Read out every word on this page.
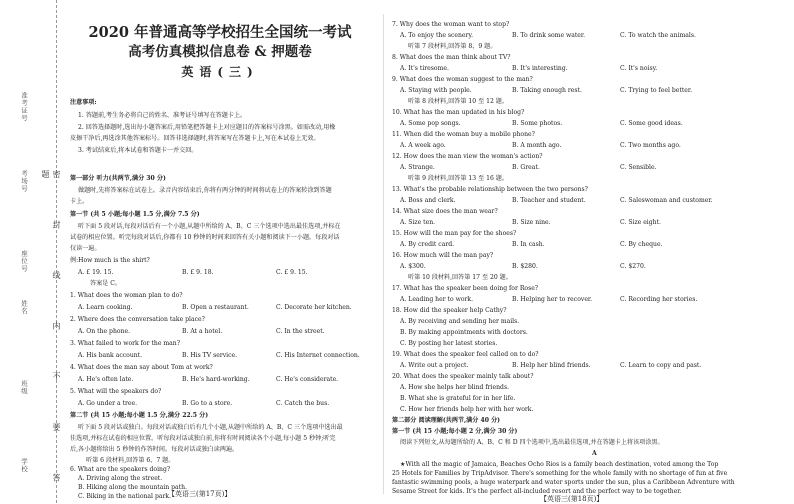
准考证号
考场号
座位号
姓名
班级
学校	密 封 线 内 不 要 答 题
2020 年普通高等学校招生全国统一考试
高考仿真模拟信息卷 & 押题卷
英语(三)
注意事项:
1. 答题前,考生务必将自己的姓名、准考证号填写在答题卡上。
2. 回答选择题时,选出每小题答案后,用铅笔把答题卡上对应题目的答案标号涂黑。如需改动,用橡
皮擦干净后,再选涂其他答案标号。回答非选择题时,将答案写在答题卡上,写在本试卷上无效。
3. 考试结束后,将本试卷和答题卡一并交回。
第一部分 听力(共两节,满分 30 分)
做题时,先将答案标在试卷上。录音内容结束后,你将有两分钟的时间将试卷上的答案转涂到答题
卡上。
第一节 (共 5 小题;每小题 1.5 分,满分 7.5 分)
听下面 5 段对话,每段对话后有一个小题,从题中所给的 A、B、C 三个选项中选出最佳选项,并标在
试卷的相应位置。听完每段对话后,你都有 10 秒钟的时间来回答有关小题和阅读下一小题。每段对话
仅读一遍。
例:How much is the shirt?
A. £ 19. 15.	B. £ 9. 18.	C. £ 9. 15.
答案是 C。
1. What does the woman plan to do?
A. Learn cooking.	B. Open a restaurant.	C. Decorate her kitchen.
2. Where does the conversation take place?
A. On the phone.	B. At a hotel.	C. In the street.
3. What failed to work for the man?
A. His bank account.	B. His TV service.	C. His Internet connection.
4. What does the man say about Tom at work?
A. He's often late.	B. He's hard-working.	C. He's considerate.
5. What will the speakers do?
A. Go under a tree.	B. Go to a store.	C. Catch the bus.
第二节 (共 15 小题;每小题 1.5 分,满分 22.5 分)
听下面 5 段对话或独白。每段对话或独白后有几个小题,从题中所给的 A、B、C 三个选项中选出最
佳选项,并标在试卷的相应位置。听每段对话或独白前,你将有时间阅读各个小题,每小题 5 秒钟;听完
后,各小题将给出 5 秒钟的作答时间。每段对话或独白读两遍。
听第 6 段材料,回答第 6、7 题。
6. What are the speakers doing?
A. Driving along the street.
B. Hiking along the mountain path.
C. Biking in the national park.
【英语三(第17页)】
7. Why does the woman want to stop?
A. To enjoy the scenery.	B. To drink some water.	C. To watch the animals.
听第 7 段材料,回答第 8、9 题。
8. What does the man think about TV?
A. It's tiresome.	B. It's interesting.	C. It's noisy.
9. What does the woman suggest to the man?
A. Staying with people.	B. Taking enough rest.	C. Trying to feel better.
听第 8 段材料,回答第 10 至 12 题。
10. What has the man updated in his blog?
A. Some pop songs.	B. Some photos.	C. Some good ideas.
11. When did the woman buy a mobile phone?
A. A week ago.	B. A month ago.	C. Two months ago.
12. How does the man view the woman's action?
A. Strange.	B. Great.	C. Sensible.
听第 9 段材料,回答第 13 至 16 题。
13. What's the probable relationship between the two persons?
A. Boss and clerk.	B. Teacher and student.	C. Saleswoman and customer.
14. What size does the man wear?
A. Size ten.	B. Size nine.	C. Size eight.
15. How will the man pay for the shoes?
A. By credit card.	B. In cash.	C. By cheque.
16. How much will the man pay?
A. $300.	B. $280.	C. $270.
听第 10 段材料,回答第 17 至 20 题。
17. What has the speaker been doing for Rose?
A. Leading her to work.	B. Helping her to recover.	C. Recording her stories.
18. How did the speaker help Cathy?
A. By receiving and sending her mails.
B. By making appointments with doctors.
C. By posting her latest stories.
19. What does the speaker feel called on to do?
A. Write out a project.	B. Help her blind friends.	C. Learn to copy and past.
20. What does the speaker mainly talk about?
A. How she helps her blind friends.
B. What she is grateful for in her life.
C. How her friends help her with her work.
第二部分 阅读理解(共两节,满分 40 分)
第一节 (共 15 小题;每小题 2 分,满分 30 分)
阅读下列短文,从每题所给的 A、B、C 和 D 四个选项中,选出最佳选项,并在答题卡上将该项涂黑。
A
★With all the magic of Jamaica, Beaches Ocho Rios is a family beach destination, voted among the Top
25 Hotels for Families by TripAdvisor. There's something for the whole family with no shortage of fun at five
fantastic swimming pools, a huge waterpark and water sports under the sun, plus a Caribbean Adventure with
Sesame Street for kids. It's the perfect all-included resort and the perfect way to be together.
【英语三(第18页)】
